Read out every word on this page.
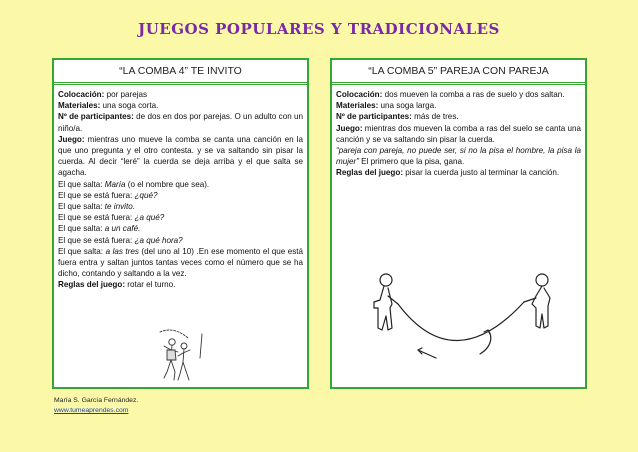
JUEGOS POPULARES Y TRADICIONALES
“LA COMBA 4” TE INVITO

Colocación: por parejas

Materiales: una soga corta.

Nº de participantes: de dos en dos por parejas. O un adulto con un niño/a.

Juego: mientras uno mueve la comba se canta una canción en la que uno pregunta y el otro contesta. y se va saltando sin pisar la cuerda. Al decir “leré” la cuerda se deja arriba y el que salta se agacha.

El que salta: María (o el nombre que sea).

El que se está fuera: ¿qué?

El que salta: te invito.

El que se está fuera: ¿a qué?

El que salta: a un café.

El que se está fuera: ¿a qué hora?

El que salta: a las tres (del uno al 10) .En ese momento el que está fuera entra y saltan juntos tantas veces como el número que se ha dicho, contando y saltando a la vez.

Reglas del juego: rotar el turno.

“LA COMBA 5” PAREJA CON PAREJA

Colocación: dos mueven la comba a ras de suelo y dos saltan.

Materiales: una soga larga.

Nº de participantes: más de tres.

Juego: mientras dos mueven la comba a ras del suelo se canta una canción y se va saltando sin pisar la cuerda.

“pareja con pareja, no puede ser, si no la pisa el hombre, la pisa la mujer” El primero que la pisa, gana.

Reglas del juego: pisar la cuerda justo al terminar la canción.

María S. García Fernández.
www.tumeaprendes.com
